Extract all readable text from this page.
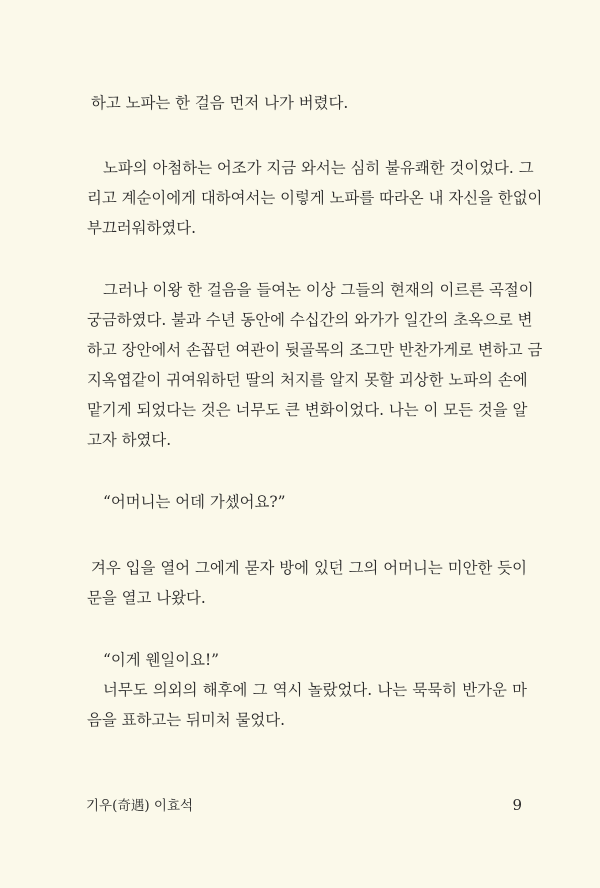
하고 노파는 한 걸음 먼저 나가 버렸다.
노파의 아첨하는 어조가 지금 와서는 심히 불유쾌한 것이었다. 그
리고 계순이에게 대하여서는 이렇게 노파를 따라온 내 자신을 한없이
부끄러워하였다.
그러나 이왕 한 걸음을 들여논 이상 그들의 현재의 이르른 곡절이
궁금하였다. 불과 수년 동안에 수십간의 와가가 일간의 초옥으로 변
하고 장안에서 손꼽던 여관이 뒷골목의 조그만 반찬가게로 변하고 금
지옥엽같이 귀여워하던 딸의 처지를 알지 못할 괴상한 노파의 손에
맡기게 되었다는 것은 너무도 큰 변화이었다. 나는 이 모든 것을 알
고자 하였다.
“어머니는 어데 가셌어요?”
겨우 입을 열어 그에게 묻자 방에 있던 그의 어머니는 미안한 듯이
문을 열고 나왔다.
“이게 웬일이요!”
너무도 의외의 해후에 그 역시 놀랐었다. 나는 묵묵히 반가운 마
음을 표하고는 뒤미처 물었다.
기우(奇遇) 이효석	9
